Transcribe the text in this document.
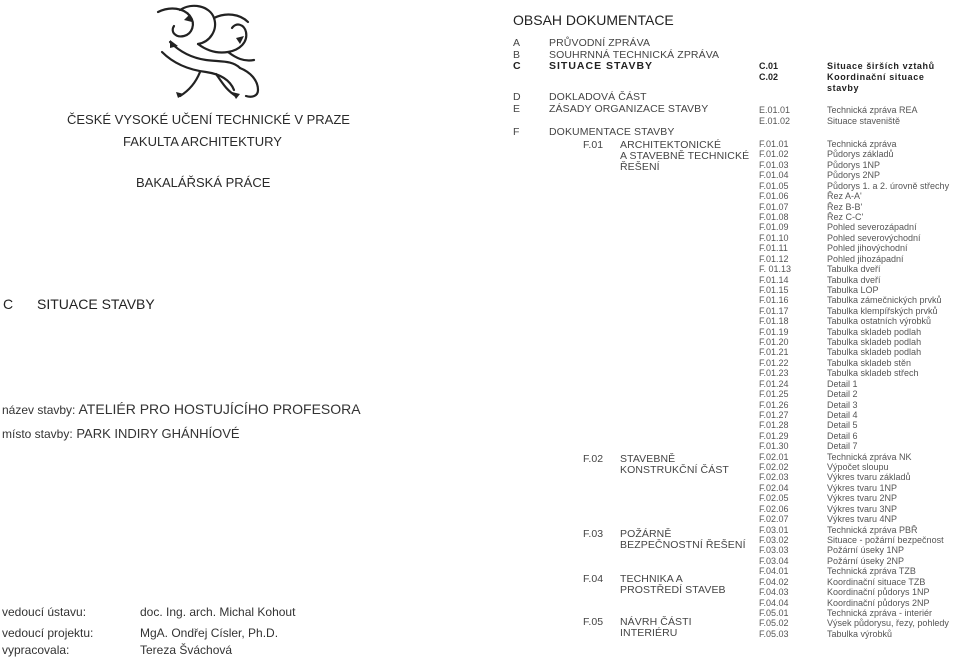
ČESKÉ VYSOKÉ UČENÍ TECHNICKÉ V PRAZE
FAKULTA ARCHITEKTURY
BAKALÁŘSKÁ PRÁCE
C SITUACE STAVBY
název stavby: ATELIÉR PRO HOSTUJÍCÍHO PROFESORA
místo stavby: PARK INDIRY GHÁNHÍOVÉ
vedoucí ústavu:	doc. Ing. arch. Michal Kohout
vedoucí projektu:	MgA. Ondřej Císler, Ph.D.
vypracovala:	Tereza Šváchová
OBSAH DOKUMENTACE
A	PRŮVODNÍ ZPRÁVA
B	SOUHRNNÁ TECHNICKÁ ZPRÁVA
C	SITUACE STAVBY
D	DOKLADOVÁ ČÁST
E	ZÁSADY ORGANIZACE STAVBY
F	DOKUMENTACE STAVBY
C.01	Situace širších vztahů
C.02	Koordinační situace
stavby
E.01.01	Technická zpráva REA
E.01.02	Situace staveniště
F.01 ARCHITEKTONICKÉ
A STAVEBNĚ TECHNICKÉ
ŘEŠENÍ
F.02 STAVEBNĚ
KONSTRUKČNÍ ČÁST
F.03 POŽÁRNĚ
BEZPEČNOSTNÍ ŘEŠENÍ
F.04 TECHNIKA A
PROSTŘEDÍ STAVEB
F.05 NÁVRH ČÁSTI
INTERIÉRU
F.01.01	Technická zpráva
F.01.02	Půdorys základů
F.01.03	Půdorys 1NP
F.01.04	Půdorys 2NP
F.01.05	Půdorys 1. a 2. úrovně střechy
F.01.06	Řez A-A'
F.01.07	Řez B-B'
F.01.08	Řez C-C'
F.01.09	Pohled severozápadní
F.01.10	Pohled severovýchodní
F.01.11	Pohled jihovýchodní
F.01.12	Pohled jihozápadní
F. 01.13	Tabulka dveří
F.01.14	Tabulka dveří
F.01.15	Tabulka LOP
F.01.16	Tabulka zámečnických prvků
F.01.17	Tabulka klempířských prvků
F.01.18	Tabulka ostatních výrobků
F.01.19	Tabulka skladeb podlah
F.01.20	Tabulka skladeb podlah
F.01.21	Tabulka skladeb podlah
F.01.22	Tabulka skladeb stěn
F.01.23	Tabulka skladeb střech
F.01.24	Detail 1
F.01.25	Detail 2
F.01.26	Detail 3
F.01.27	Detail 4
F.01.28	Detail 5
F.01.29	Detail 6
F.01.30	Detail 7
F.02.01	Technická zpráva NK
F.02.02	Výpočet sloupu
F.02.03	Výkres tvaru základů
F.02.04	Výkres tvaru 1NP
F.02.05	Výkres tvaru 2NP
F.02.06	Výkres tvaru 3NP
F.02.07	Výkres tvaru 4NP
F.03.01	Technická zpráva PBŘ
F.03.02	Situace - požární bezpečnost
F.03.03	Požární úseky 1NP
F.03.04	Požární úseky 2NP
F.04.01	Technická zpráva TZB
F.04.02	Koordinační situace TZB
F.04.03	Koordinační půdorys 1NP
F.04.04	Koordinační půdorys 2NP
F.05.01	Technická zpráva - interiér
F.05.02	Výsek půdorysu, řezy, pohledy
F.05.03	Tabulka výrobků
